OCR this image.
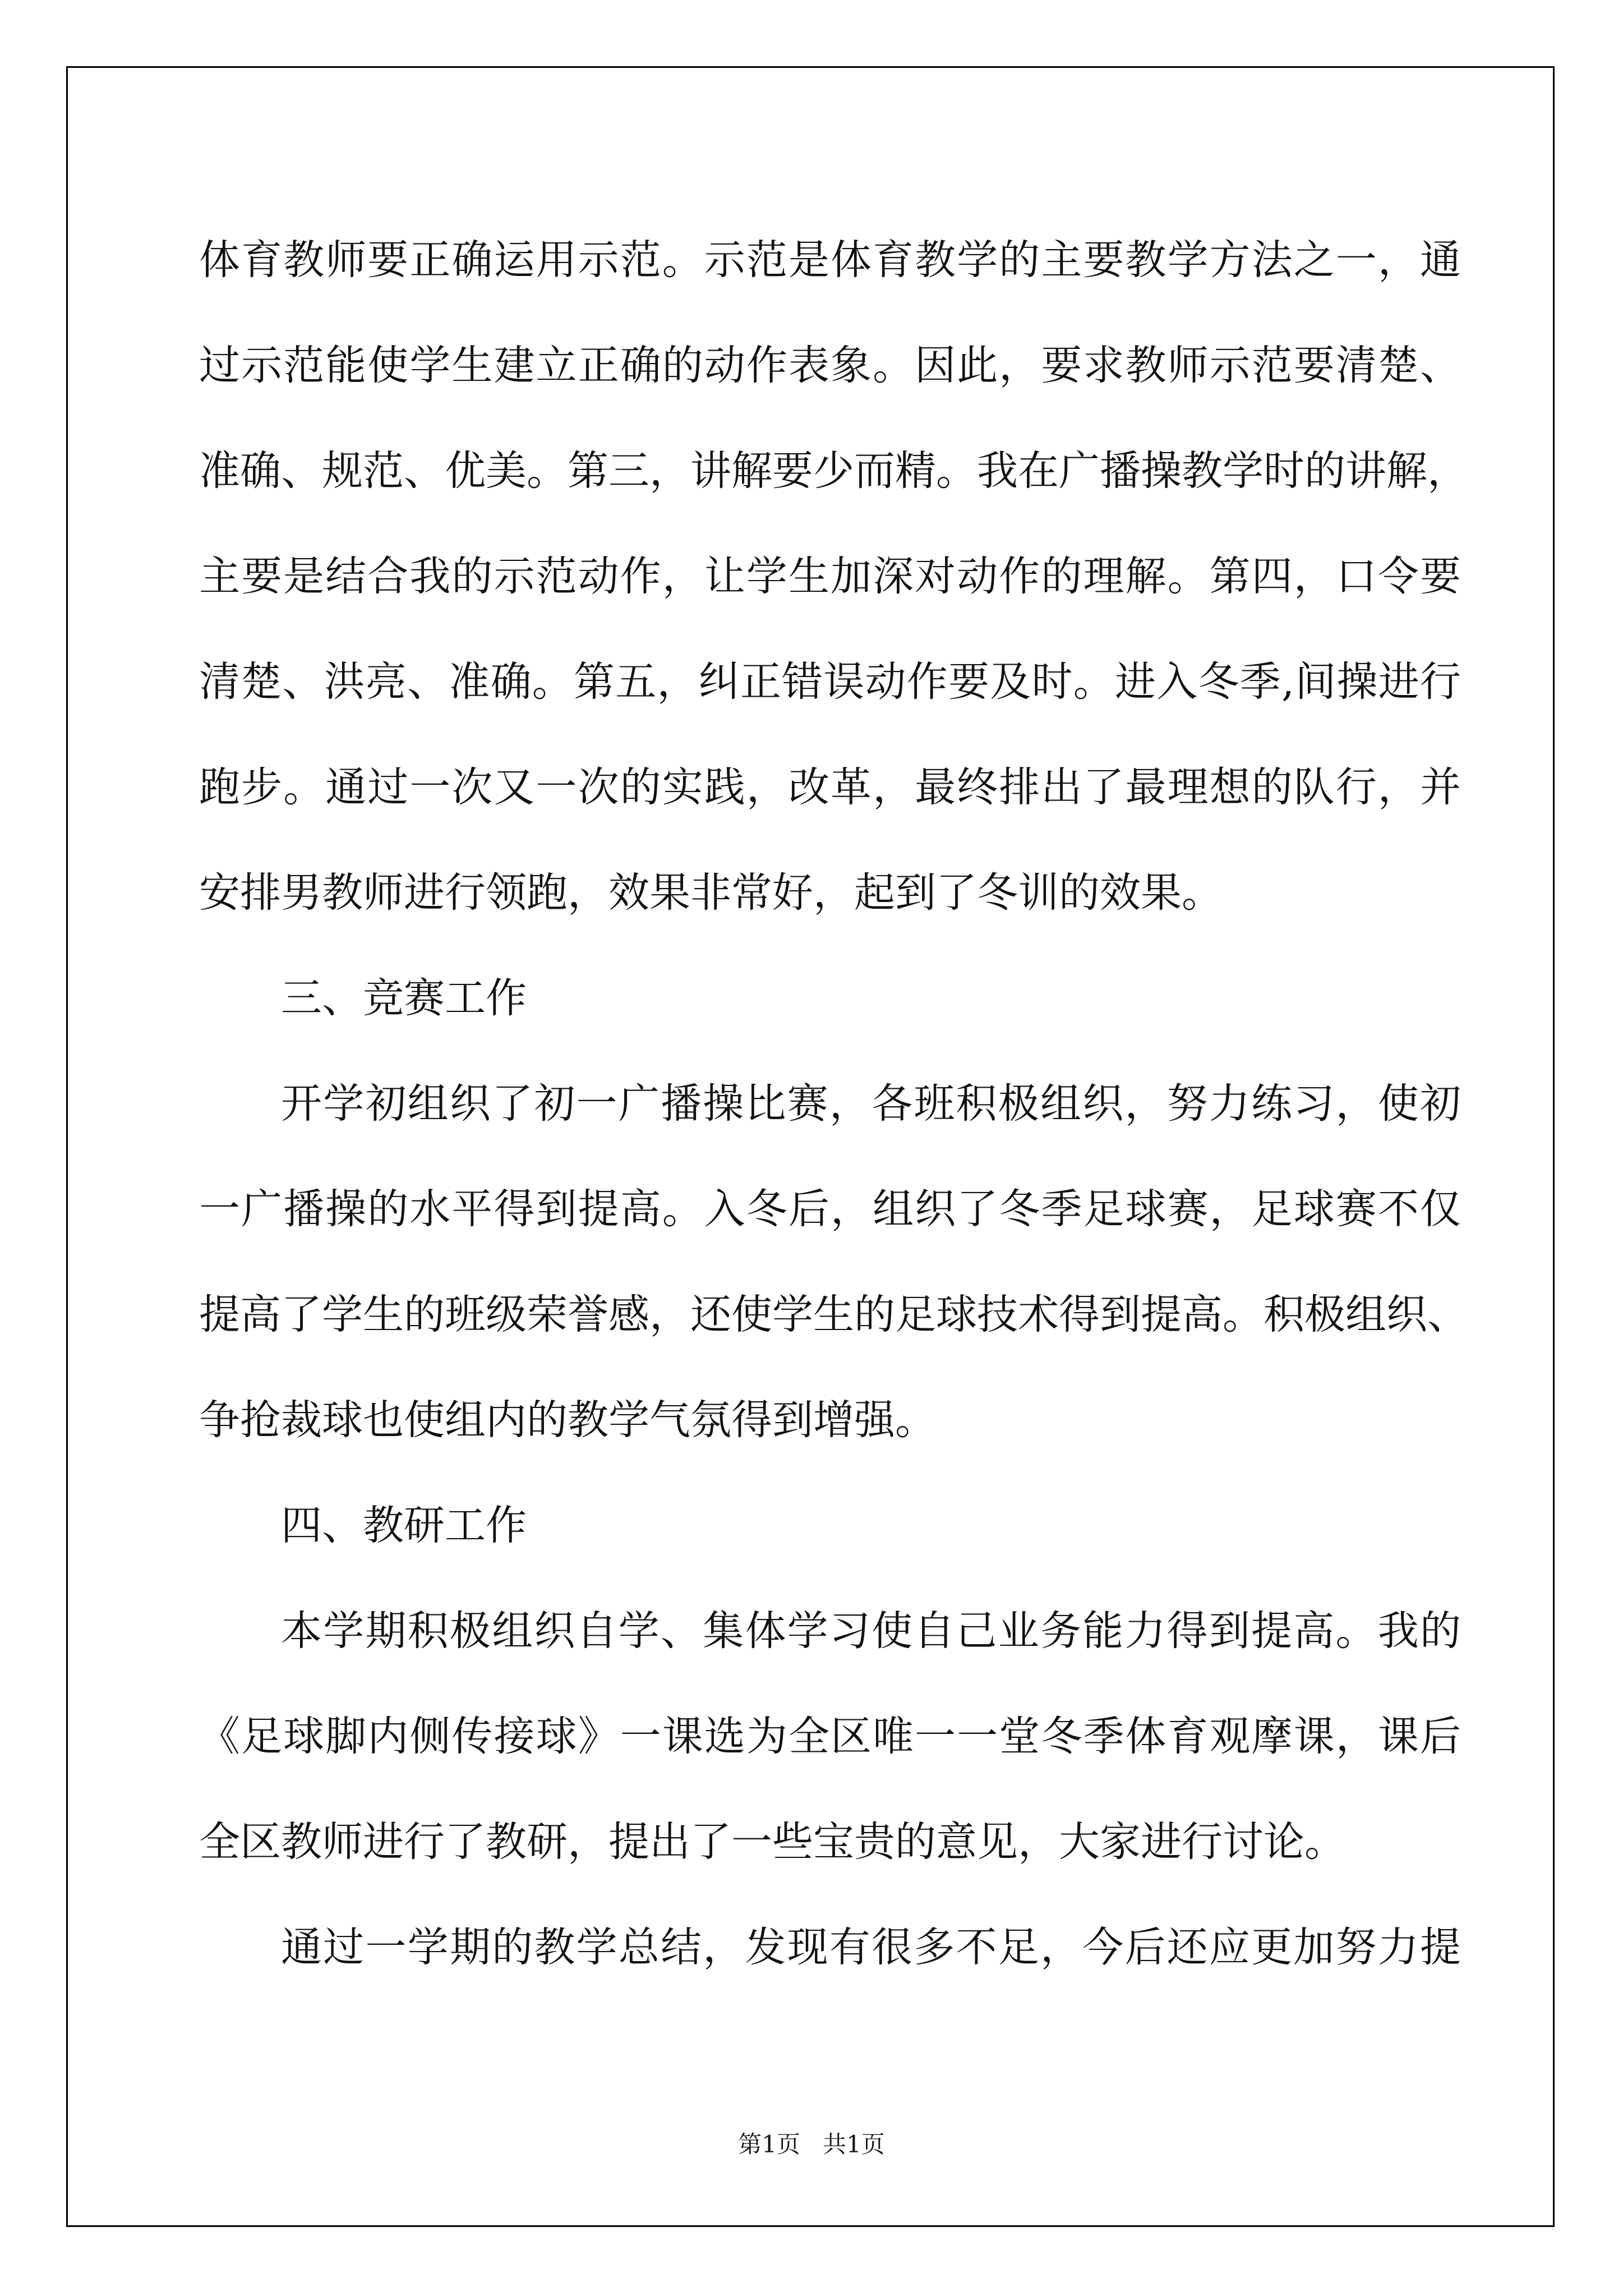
体育教师要正确运用示范。示范是体育教学的主要教学方法之一，通
过示范能使学生建立正确的动作表象。因此，要求教师示范要清楚、
准确、规范、优美。第三，讲解要少而精。我在广播操教学时的讲解，
主要是结合我的示范动作，让学生加深对动作的理解。第四，口令要
清楚、洪亮、准确。第五，纠正错误动作要及时。进入冬季,间操进行
跑步。通过一次又一次的实践，改革，最终排出了最理想的队行，并
安排男教师进行领跑，效果非常好，起到了冬训的效果。
三、竞赛工作
开学初组织了初一广播操比赛，各班积极组织，努力练习，使初
一广播操的水平得到提高。入冬后，组织了冬季足球赛，足球赛不仅
提高了学生的班级荣誉感，还使学生的足球技术得到提高。积极组织、
争抢裁球也使组内的教学气氛得到增强。
四、教研工作
本学期积极组织自学、集体学习使自己业务能力得到提高。我的
《足球脚内侧传接球》一课选为全区唯一一堂冬季体育观摩课，课后
全区教师进行了教研，提出了一些宝贵的意见，大家进行讨论。
通过一学期的教学总结，发现有很多不足，今后还应更加努力提
第1页 共1页
